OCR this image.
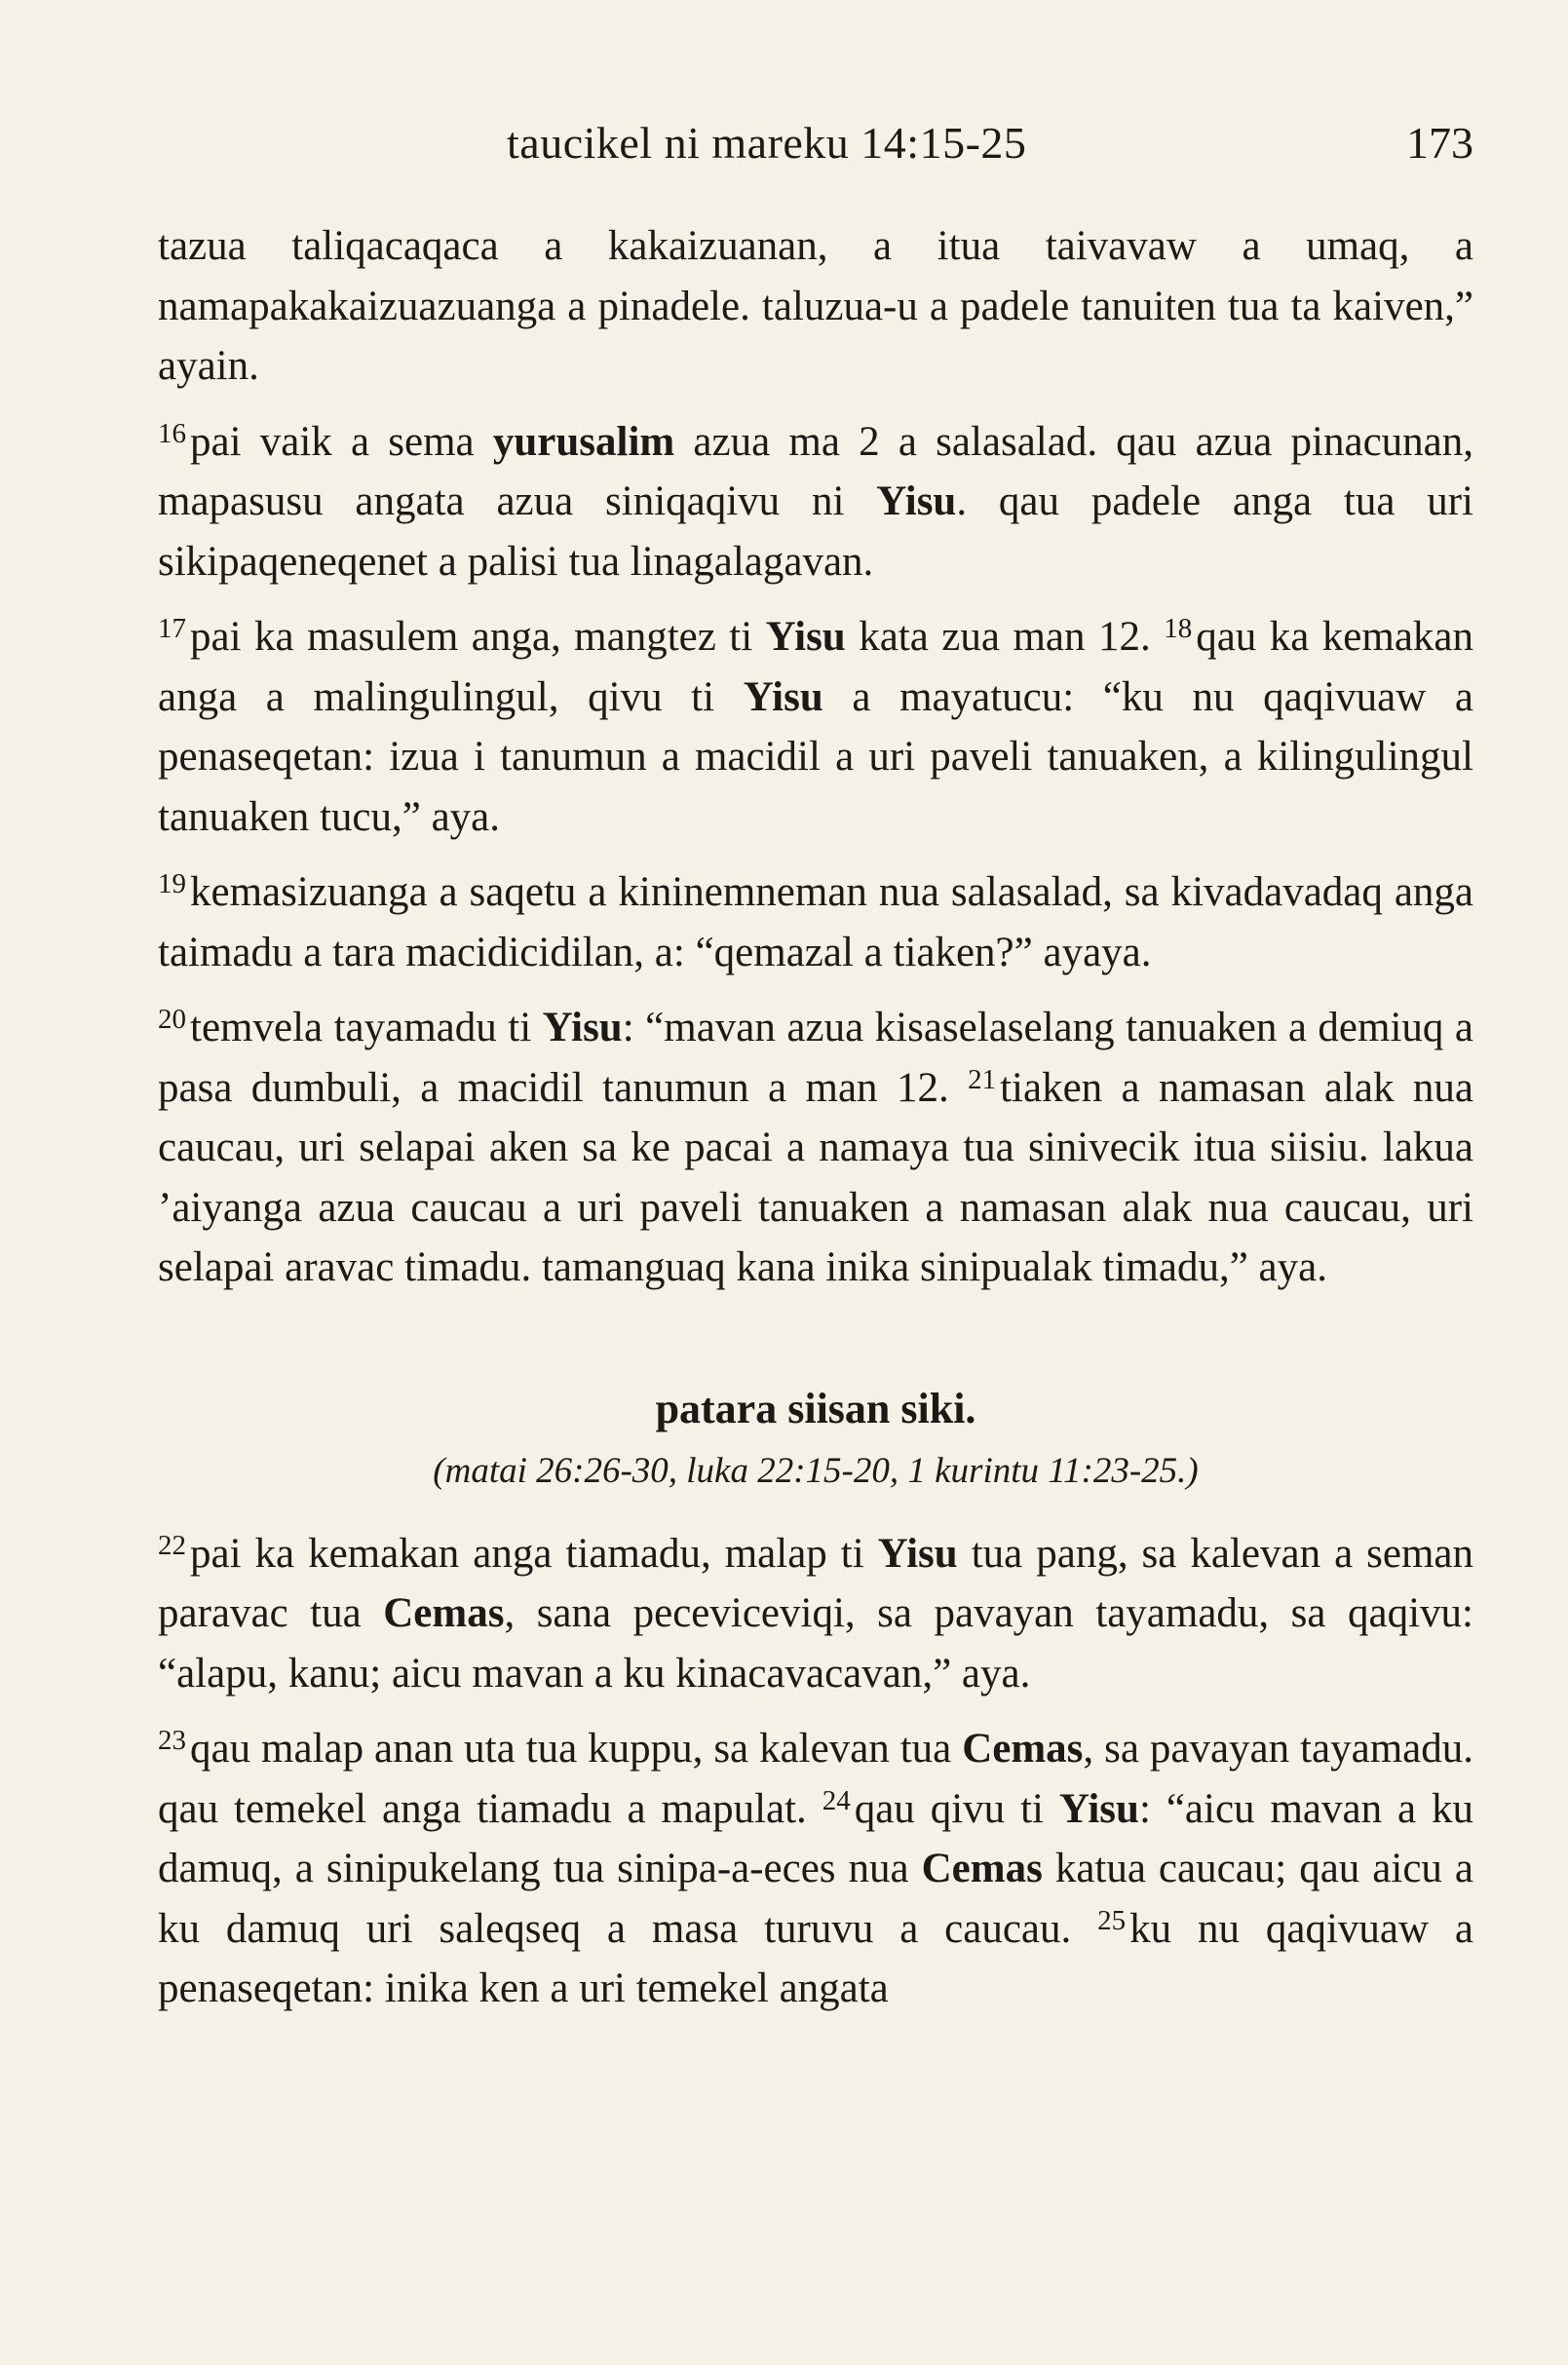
taucikel ni mareku 14:15-25	173

tazua taliqacaqaca a kakaizuanan, a itua taivavaw a umaq, a namapakakaizuazuanga a pinadele. taluzua-u a padele tanuiten tua ta kaiven,” ayain.

$^{16}$pai vaik a sema yurusalim azua ma 2 a salasalad. qau azua pinacunan, mapasusu angata azua siniqaqivu ni Yisu. qau padele anga tua uri sikipaqeneqenet a palisi tua linagalagavan.

$^{17}$pai ka masulem anga, mangtez ti Yisu kata zua man 12. $^{18}$qau ka kemakan anga a malingulingul, qivu ti Yisu a mayatucu: “ku nu qaqivuaw a penaseqetan: izua i tanumun a macidil a uri paveli tanuaken, a kilingulingul tanuaken tucu,” aya.

$^{19}$kemasizuanga a saqetu a kininemneman nua salasalad, sa kivadavadaq anga taimadu a tara macidicidilan, a: “qemazal a tiaken?” ayaya.

$^{20}$temvela tayamadu ti Yisu: “mavan azua kisaselaselang tanuaken a demiuq a pasa dumbuli, a macidil tanumun a man 12. $^{21}$tiaken a namasan alak nua caucau, uri selapai aken sa ke pacai a namaya tua sinivecik itua siisiu. lakua ’aiyanga azua caucau a uri paveli tanuaken a namasan alak nua caucau, uri selapai aravac timadu. tamanguaq kana inika sinipualak timadu,” aya.

patara siisan siki.
(matai 26:26-30, luka 22:15-20, 1 kurintu 11:23-25.)

$^{22}$pai ka kemakan anga tiamadu, malap ti Yisu tua pang, sa kalevan a seman paravac tua Cemas, sana peceviceviqi, sa pavayan tayamadu, sa qaqivu: “alapu, kanu; aicu mavan a ku kinacavacavan,” aya.

$^{23}$qau malap anan uta tua kuppu, sa kalevan tua Cemas, sa pavayan tayamadu. qau temekel anga tiamadu a mapulat. $^{24}$qau qivu ti Yisu: “aicu mavan a ku damuq, a sinipukelang tua sinipa-a-eces nua Cemas katua caucau; qau aicu a ku damuq uri saleqseq a masa turuvu a caucau. $^{25}$ku nu qaqivuaw a penaseqetan: inika ken a uri temekel angata
